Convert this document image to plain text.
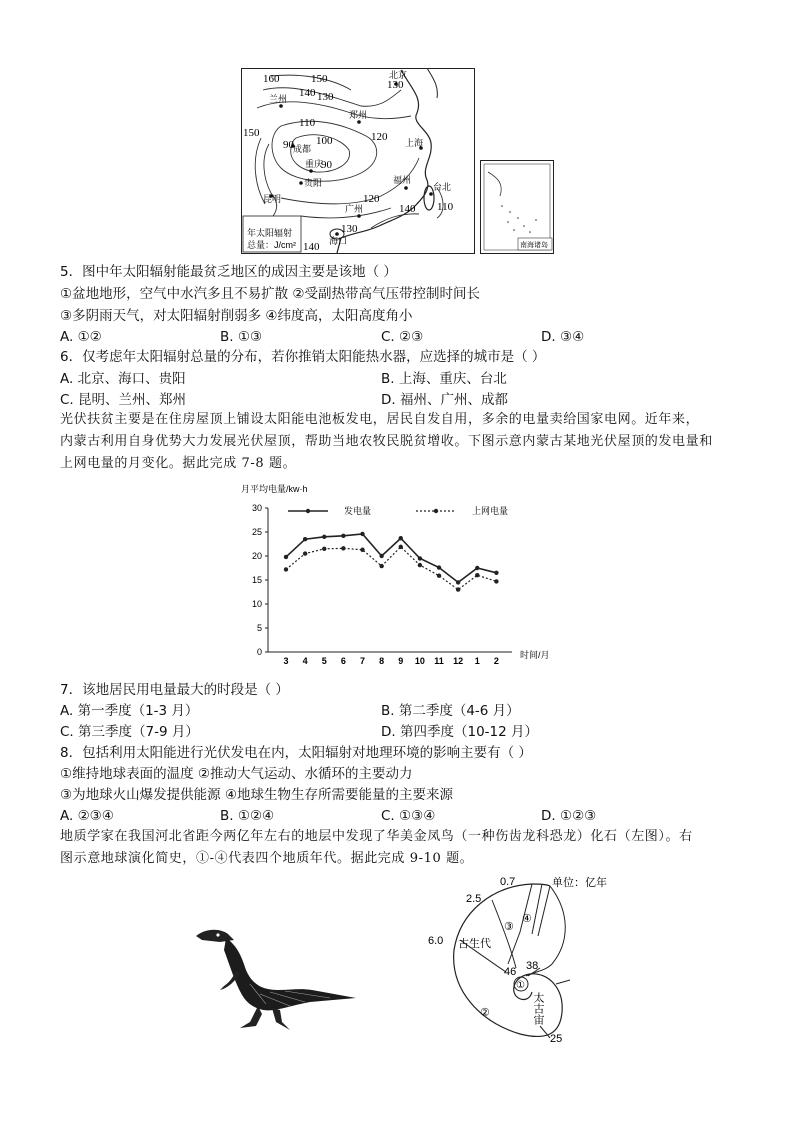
160	150
140 130
150
130
110
100
90
90
120
120
140 110
130
140
北京
兰州
郑州
成都
重庆
贵阳
上海
福州
台北
广州
昆明
海口
年太阳辐射
总量：J/cm²	南海诸岛
5．图中年太阳辐射能最贫乏地区的成因主要是该地（ ）
①盆地地形，空气中水汽多且不易扩散 ②受副热带高气压带控制时间长
③多阴雨天气，对太阳辐射削弱多 ④纬度高，太阳高度角小
A. ①②	B. ①③	C. ②③	D. ③④
6．仅考虑年太阳辐射总量的分布，若你推销太阳能热水器，应选择的城市是（ ）
A. 北京、海口、贵阳	B. 上海、重庆、台北
C. 昆明、兰州、郑州	D. 福州、广州、成都
光伏扶贫主要是在住房屋顶上铺设太阳能电池板发电，居民自发自用，多余的电量卖给国家电网。近年来，
内蒙古利用自身优势大力发展光伏屋顶，帮助当地农牧民脱贫增收。下图示意内蒙古某地光伏屋顶的发电量和
上网电量的月变化。据此完成 7-8 题。
月平均电量/kw·h
时间/月
0
5
10
15
20
25
30
3 4 5 6 7 8 9 10 11 12 1 2
发电量	上网电量
7．该地居民用电量最大的时段是（ ）
A. 第一季度（1-3 月）	B. 第二季度（4-6 月）
C. 第三季度（7-9 月）	D. 第四季度（10-12 月）
8．包括利用太阳能进行光伏发电在内，太阳辐射对地理环境的影响主要有（ ）
①维持地球表面的温度 ②推动大气运动、水循环的主要动力
③为地球火山爆发提供能源 ④地球生物生存所需要能量的主要来源
A. ②③④	B. ①②④	C. ①③④	D. ①②③
地质学家在我国河北省距今两亿年左右的地层中发现了华美金凤鸟（一种伤齿龙科恐龙）化石（左图）。右
图示意地球演化简史，①-④代表四个地质年代。据此完成 9-10 题。
单位：亿年
0.7
2.5
6.0
46 38
25
古生代
太古宙
①
②
③
④
